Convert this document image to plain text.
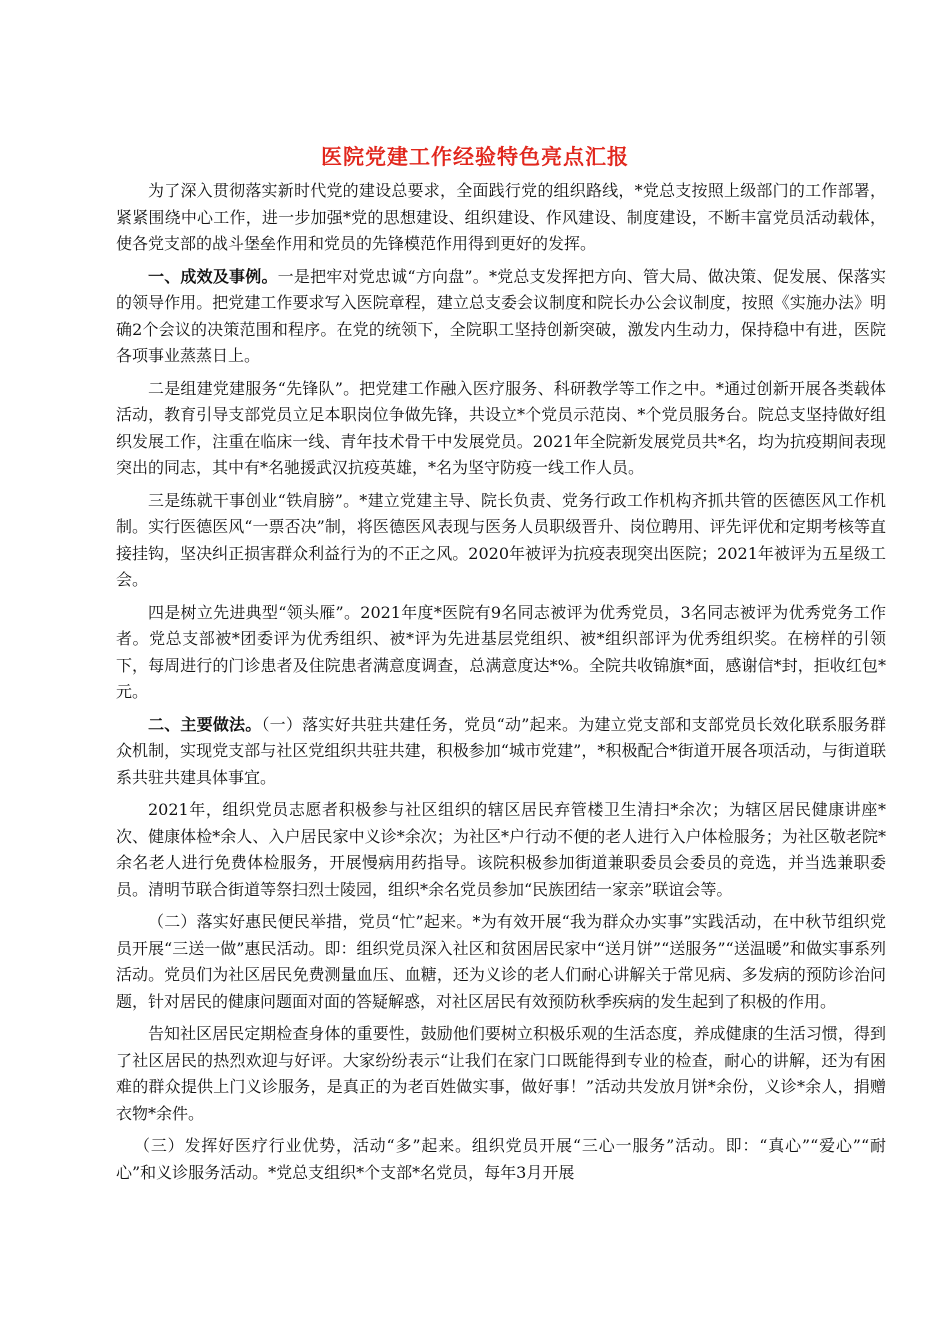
医院党建工作经验特色亮点汇报

为了深入贯彻落实新时代党的建设总要求，全面践行党的组织路线，*党总支按照上级部门的工作部署，紧紧围绕中心工作，进一步加强*党的思想建设、组织建设、作风建设、制度建设，不断丰富党员活动载体，使各党支部的战斗堡垒作用和党员的先锋模范作用得到更好的发挥。

一、成效及事例。一是把牢对党忠诚“方向盘”。*党总支发挥把方向、管大局、做决策、促发展、保落实的领导作用。把党建工作要求写入医院章程，建立总支委会议制度和院长办公会议制度，按照《实施办法》明确2个会议的决策范围和程序。在党的统领下，全院职工坚持创新突破，激发内生动力，保持稳中有进，医院各项事业蒸蒸日上。

二是组建党建服务“先锋队”。把党建工作融入医疗服务、科研教学等工作之中。*通过创新开展各类载体活动，教育引导支部党员立足本职岗位争做先锋，共设立*个党员示范岗、*个党员服务台。院总支坚持做好组织发展工作，注重在临床一线、青年技术骨干中发展党员。2021年全院新发展党员共*名，均为抗疫期间表现突出的同志，其中有*名驰援武汉抗疫英雄，*名为坚守防疫一线工作人员。

三是练就干事创业“铁肩膀”。*建立党建主导、院长负责、党务行政工作机构齐抓共管的医德医风工作机制。实行医德医风“一票否决”制，将医德医风表现与医务人员职级晋升、岗位聘用、评先评优和定期考核等直接挂钩，坚决纠正损害群众利益行为的不正之风。2020年被评为抗疫表现突出医院；2021年被评为五星级工会。

四是树立先进典型“领头雁”。2021年度*医院有9名同志被评为优秀党员，3名同志被评为优秀党务工作者。党总支部被*团委评为优秀组织、被*评为先进基层党组织、被*组织部评为优秀组织奖。在榜样的引领下，每周进行的门诊患者及住院患者满意度调查，总满意度达*%。全院共收锦旗*面，感谢信*封，拒收红包*元。

二、主要做法。（一）落实好共驻共建任务，党员“动”起来。为建立党支部和支部党员长效化联系服务群众机制，实现党支部与社区党组织共驻共建，积极参加“城市党建”，*积极配合*街道开展各项活动，与街道联系共驻共建具体事宜。

2021年，组织党员志愿者积极参与社区组织的辖区居民弃管楼卫生清扫*余次；为辖区居民健康讲座*次、健康体检*余人、入户居民家中义诊*余次；为社区*户行动不便的老人进行入户体检服务；为社区敬老院*余名老人进行免费体检服务，开展慢病用药指导。该院积极参加街道兼职委员会委员的竞选，并当选兼职委员。清明节联合街道等祭扫烈士陵园，组织*余名党员参加“民族团结一家亲”联谊会等。

（二）落实好惠民便民举措，党员“忙”起来。*为有效开展“我为群众办实事”实践活动，在中秋节组织党员开展“三送一做”惠民活动。即：组织党员深入社区和贫困居民家中“送月饼”“送服务”“送温暖”和做实事系列活动。党员们为社区居民免费测量血压、血糖，还为义诊的老人们耐心讲解关于常见病、多发病的预防诊治问题，针对居民的健康问题面对面的答疑解惑，对社区居民有效预防秋季疾病的发生起到了积极的作用。

告知社区居民定期检查身体的重要性，鼓励他们要树立积极乐观的生活态度，养成健康的生活习惯，得到了社区居民的热烈欢迎与好评。大家纷纷表示“让我们在家门口既能得到专业的检查，耐心的讲解，还为有困难的群众提供上门义诊服务，是真正的为老百姓做实事，做好事！”活动共发放月饼*余份，义诊*余人，捐赠衣物*余件。

（三）发挥好医疗行业优势，活动“多”起来。组织党员开展“三心一服务”活动。即：“真心”“爱心”“耐心”和义诊服务活动。*党总支组织*个支部*名党员，每年3月开展
